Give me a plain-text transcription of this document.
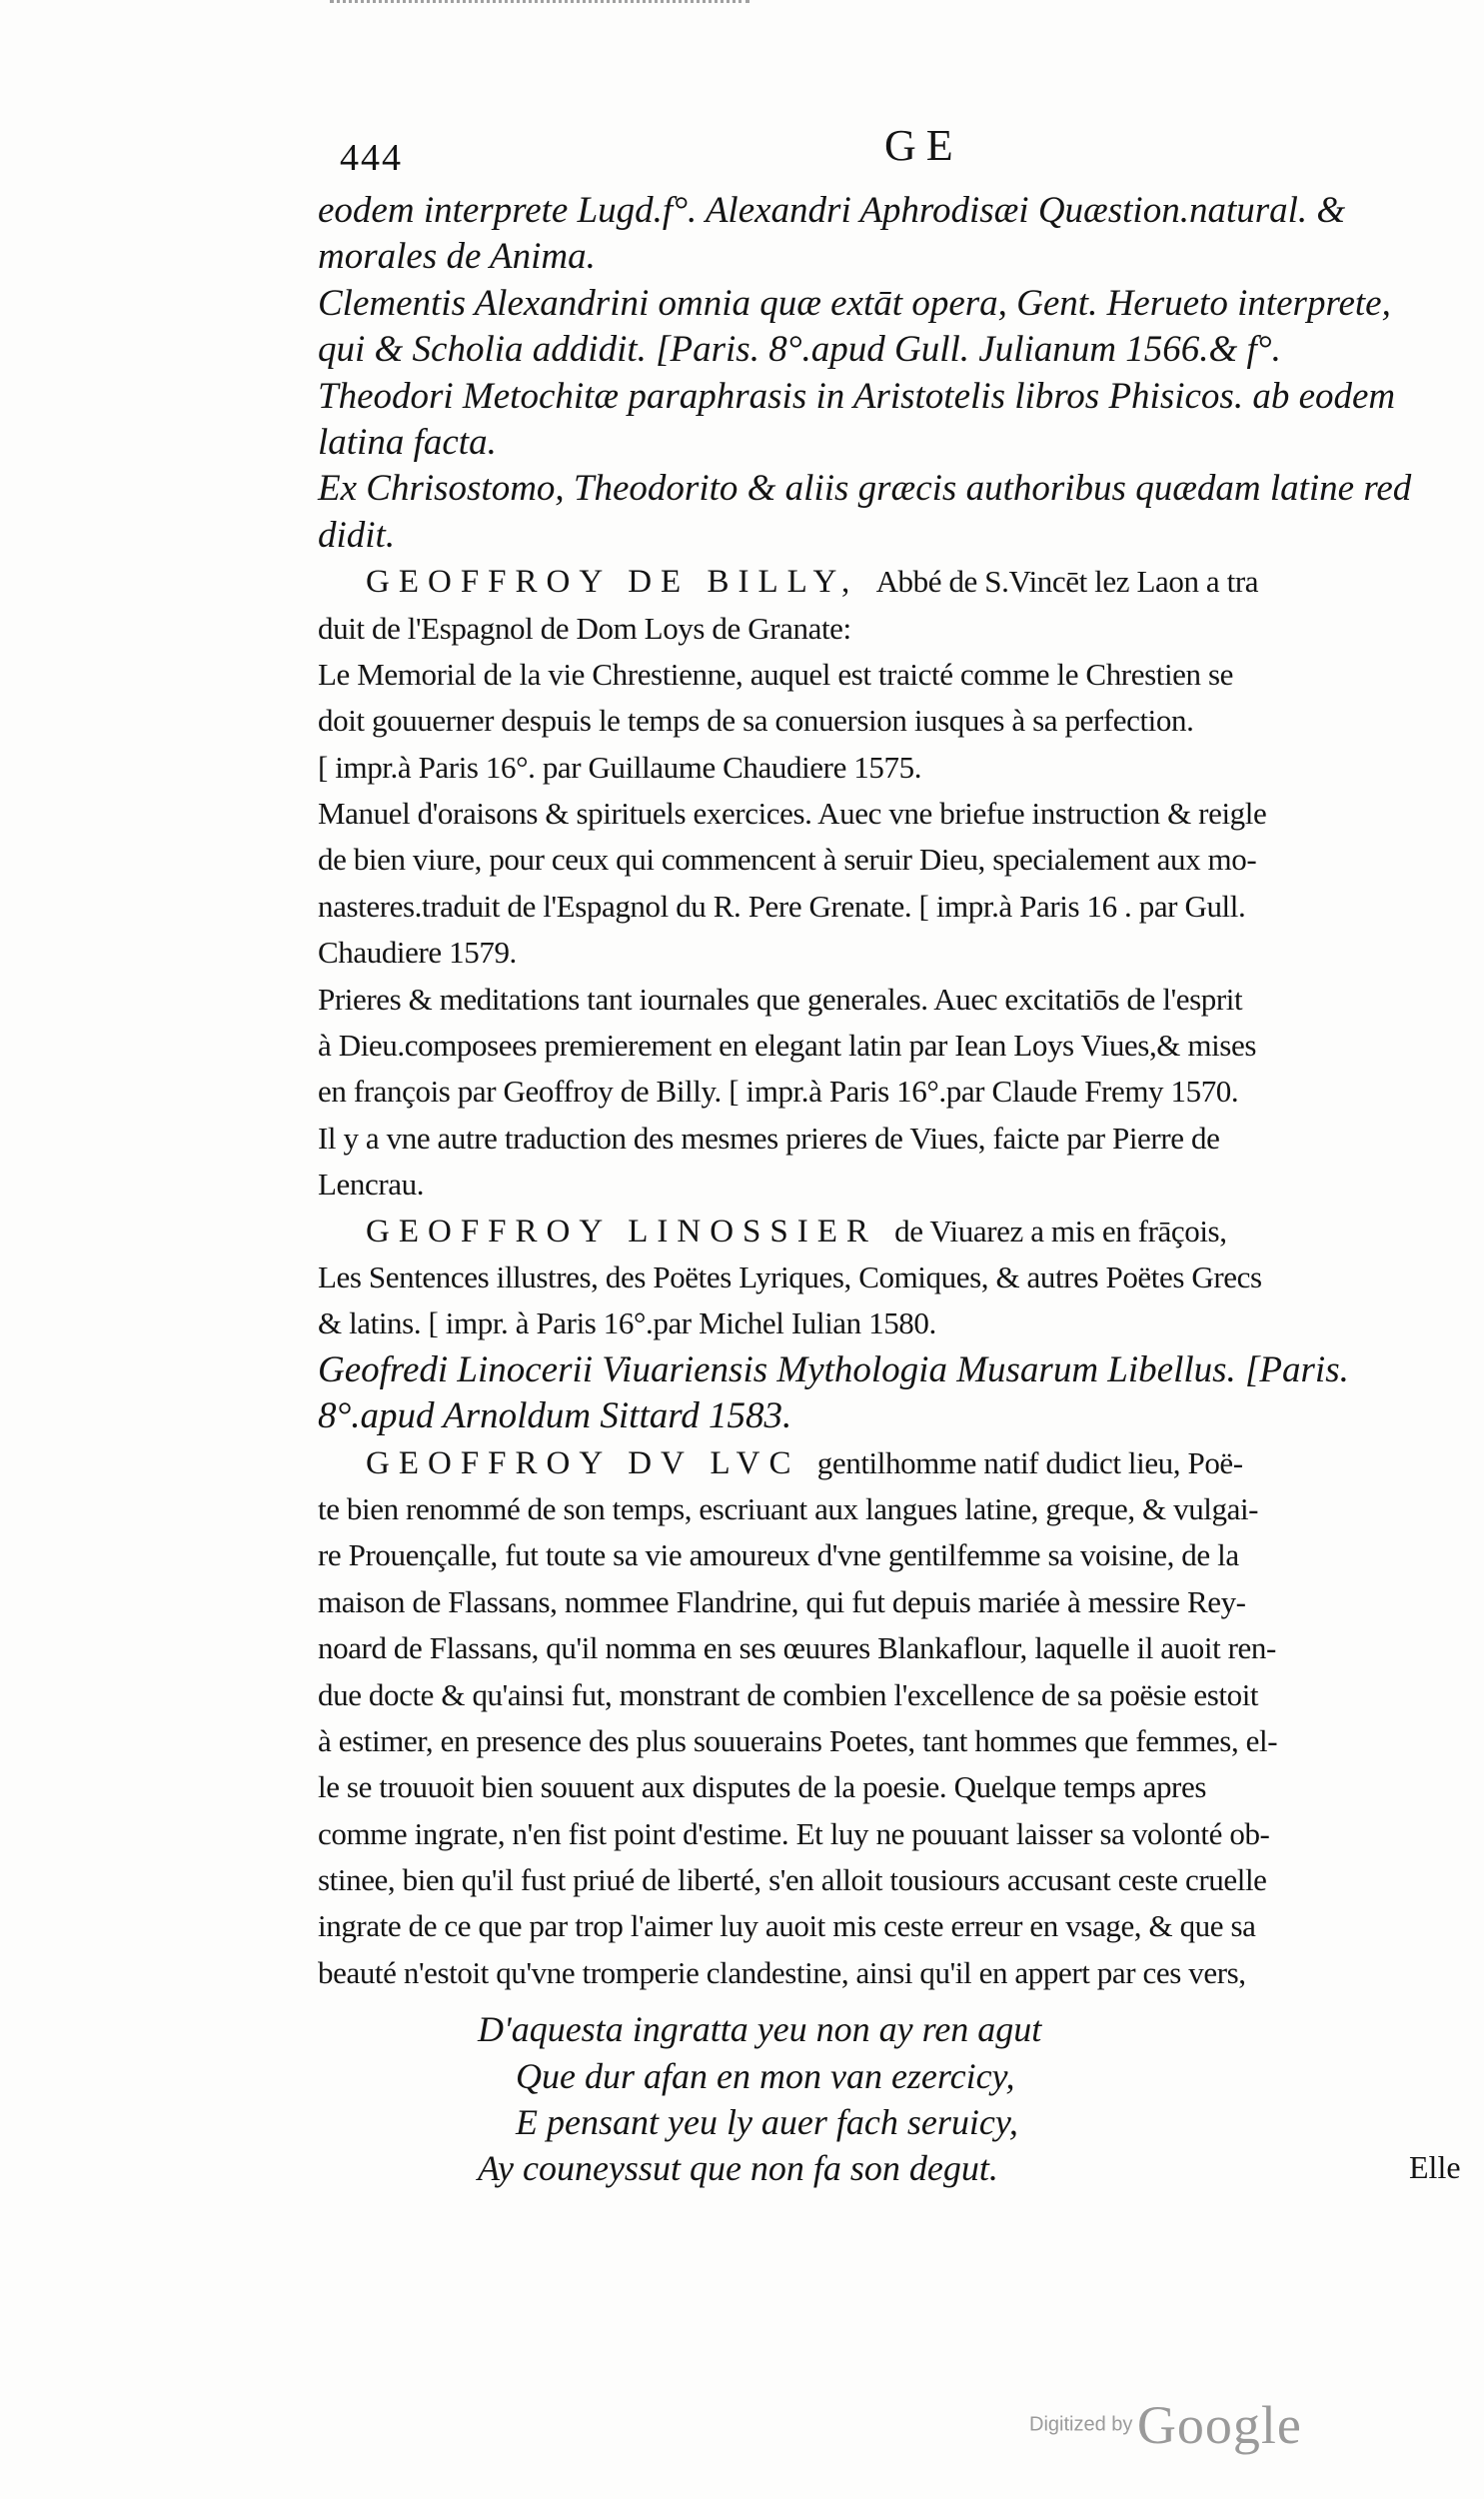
444	GE
eodem interprete Lugd.f°. Alexandri Aphrodisæi Quæstion.natural. &
morales de Anima.
Clementis Alexandrini omnia quæ extāt opera, Gent. Herueto interprete,
qui & Scholia addidit. [Paris. 8°.apud Gull. Julianum 1566.& f°.
Theodori Metochitæ paraphrasis in Aristotelis libros Phisicos. ab eodem
latina facta.
Ex Chrisostomo, Theodorito & aliis græcis authoribus quædam latine red
didit.
GEOFFROY DE BILLY, Abbé de S.Vincēt lez Laon a tra
duit de l'Espagnol de Dom Loys de Granate:
Le Memorial de la vie Chrestienne, auquel est traicté comme le Chrestien se
doit gouuerner despuis le temps de sa conuersion iusques à sa perfection.
[ impr.à Paris 16°. par Guillaume Chaudiere 1575.
Manuel d'oraisons & spirituels exercices. Auec vne briefue instruction & reigle
de bien viure, pour ceux qui commencent à seruir Dieu, specialement aux mo-
nasteres.traduit de l'Espagnol du R. Pere Grenate. [ impr.à Paris 16 . par Gull.
Chaudiere 1579.
Prieres & meditations tant iournales que generales. Auec excitatiōs de l'esprit
à Dieu.composees premierement en elegant latin par Iean Loys Viues,& mises
en françois par Geoffroy de Billy. [ impr.à Paris 16°.par Claude Fremy 1570.
Il y a vne autre traduction des mesmes prieres de Viues, faicte par Pierre de
Lencrau.
GEOFFROY LINOSSIER de Viuarez a mis en frāçois,
Les Sentences illustres, des Poëtes Lyriques, Comiques, & autres Poëtes Grecs
& latins. [ impr. à Paris 16°.par Michel Iulian 1580.
Geofredi Linocerii Viuariensis Mythologia Musarum Libellus. [Paris.
8°.apud Arnoldum Sittard 1583.
GEOFFROY DV LVC gentilhomme natif dudict lieu, Poë-
te bien renommé de son temps, escriuant aux langues latine, greque, & vulgai-
re Prouençalle, fut toute sa vie amoureux d'vne gentilfemme sa voisine, de la
maison de Flassans, nommee Flandrine, qui fut depuis mariée à messire Rey-
noard de Flassans, qu'il nomma en ses œuures Blankaflour, laquelle il auoit ren-
due docte & qu'ainsi fut, monstrant de combien l'excellence de sa poësie estoit
à estimer, en presence des plus souuerains Poetes, tant hommes que femmes, el-
le se trouuoit bien souuent aux disputes de la poesie. Quelque temps apres
comme ingrate, n'en fist point d'estime. Et luy ne pouuant laisser sa volonté ob-
stinee, bien qu'il fust priué de liberté, s'en alloit tousiours accusant ceste cruelle
ingrate de ce que par trop l'aimer luy auoit mis ceste erreur en vsage, & que sa
beauté n'estoit qu'vne tromperie clandestine, ainsi qu'il en appert par ces vers,
D'aquesta ingratta yeu non ay ren agut
Que dur afan en mon van ezercicy,
E pensant yeu ly auer fach seruicy,
Ay couneyssut que non fa son degut.	Elle
Digitized by Google
